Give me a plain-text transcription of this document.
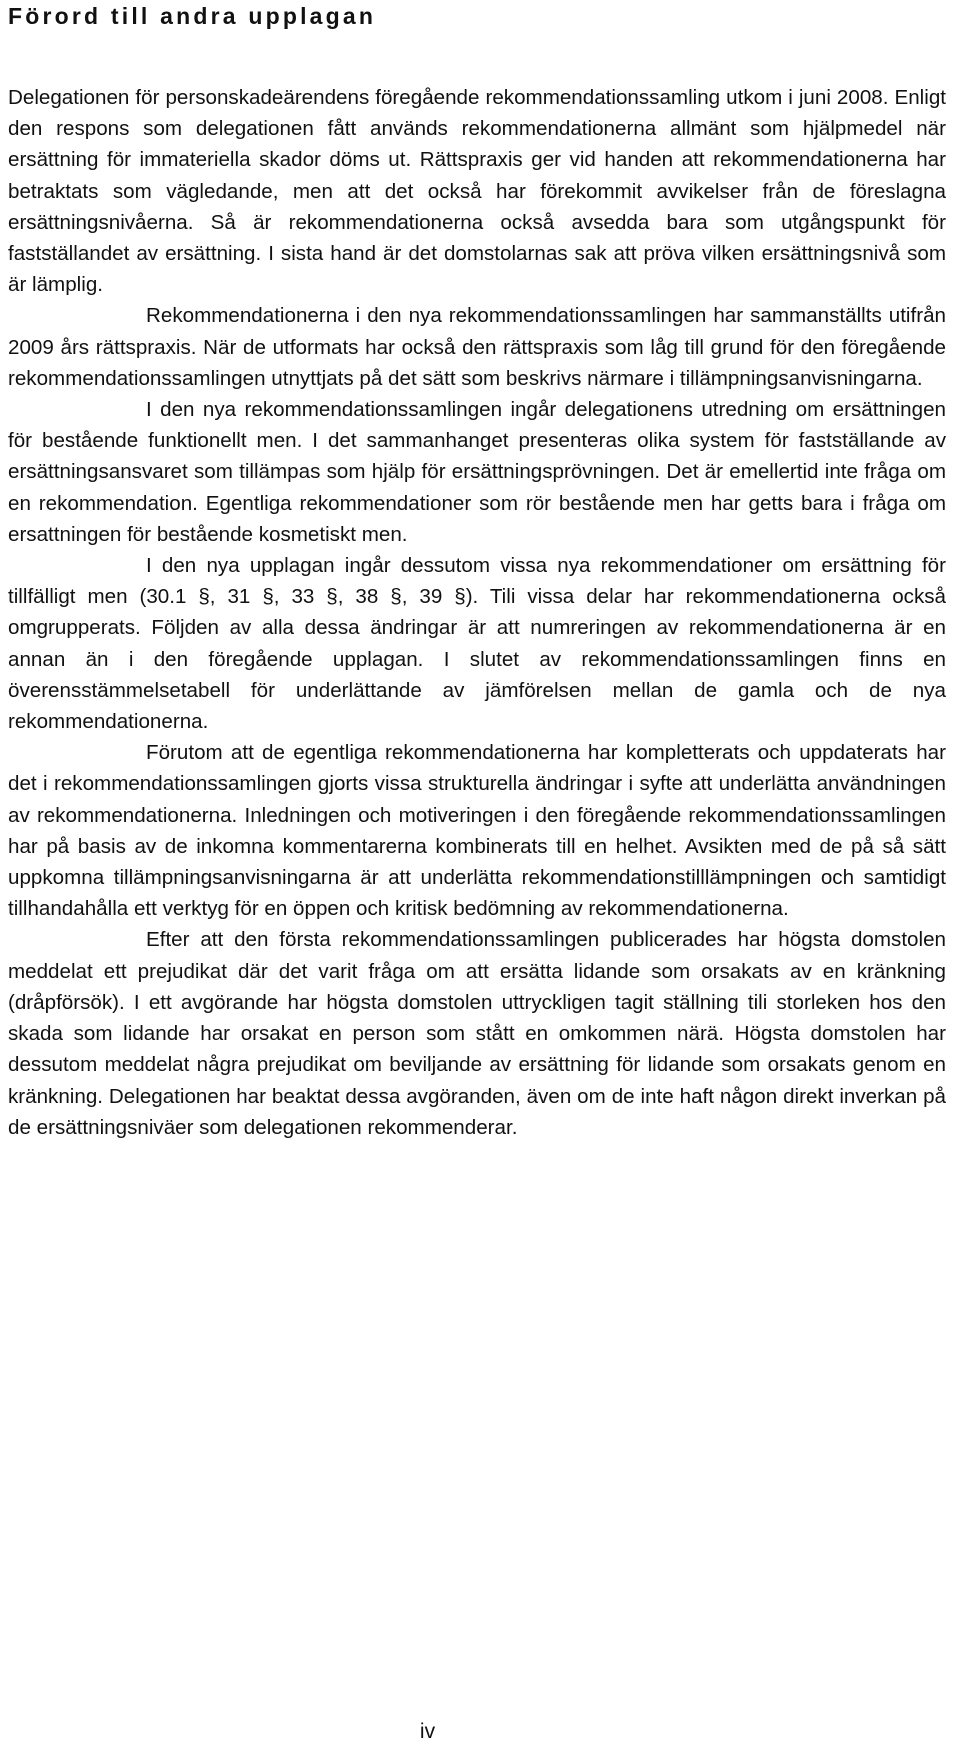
Förord till andra upplagan

Delegationen för personskadeärendens föregående rekommendationssamling utkom i juni 2008. Enligt den respons som delegationen fått används rekommendationerna allmänt som hjälpmedel när ersättning för immateriella skador döms ut. Rättspraxis ger vid handen att rekommendationerna har betraktats som vägledande, men att det också har förekommit avvikelser från de föreslagna ersättningsnivåerna. Så är rekommendationerna också avsedda bara som utgångspunkt för fastställandet av ersättning. I sista hand är det domstolarnas sak att pröva vilken ersättningsnivå som är lämplig.

Rekommendationerna i den nya rekommendationssamlingen har sammanställts utifrån 2009 års rättspraxis. När de utformats har också den rättspraxis som låg till grund för den föregående rekommendationssamlingen utnyttjats på det sätt som beskrivs närmare i tillämpningsanvisningarna.

I den nya rekommendationssamlingen ingår delegationens utredning om ersättningen för bestående funktionellt men. I det sammanhanget presenteras olika system för fastställande av ersättningsansvaret som tillämpas som hjälp för ersättningsprövningen. Det är emellertid inte fråga om en rekommendation. Egentliga rekommendationer som rör bestående men har getts bara i fråga om ersattningen för bestående kosmetiskt men.

I den nya upplagan ingår dessutom vissa nya rekommendationer om ersättning för tillfälligt men (30.1 §, 31 §, 33 §, 38 §, 39 §). Tili vissa delar har rekommendationerna också omgrupperats. Följden av alla dessa ändringar är att numreringen av rekommendationerna är en annan än i den föregående upplagan. I slutet av rekommendationssamlingen finns en överensstämmelsetabell för underlättande av jämförelsen mellan de gamla och de nya rekommendationerna.

Förutom att de egentliga rekommendationerna har kompletterats och uppdaterats har det i rekommendationssamlingen gjorts vissa strukturella ändringar i syfte att underlätta användningen av rekommendationerna. Inledningen och motiveringen i den föregående rekommendationssamlingen har på basis av de inkomna kommentarerna kombinerats till en helhet. Avsikten med de på så sätt uppkomna tillämpningsanvisningarna är att underlätta rekommendationstilllämpningen och samtidigt tillhandahålla ett verktyg för en öppen och kritisk bedömning av rekommendationerna.

Efter att den första rekommendationssamlingen publicerades har högsta domstolen meddelat ett prejudikat där det varit fråga om att ersätta lidande som orsakats av en kränkning (dråpförsök). I ett avgörande har högsta domstolen uttryckligen tagit ställning tili storleken hos den skada som lidande har orsakat en person som stått en omkommen närä. Högsta domstolen har dessutom meddelat några prejudikat om beviljande av ersättning för lidande som orsakats genom en kränkning. Delegationen har beaktat dessa avgöranden, även om de inte haft någon direkt inverkan på de ersättningsniväer som delegationen rekommenderar.

iv
